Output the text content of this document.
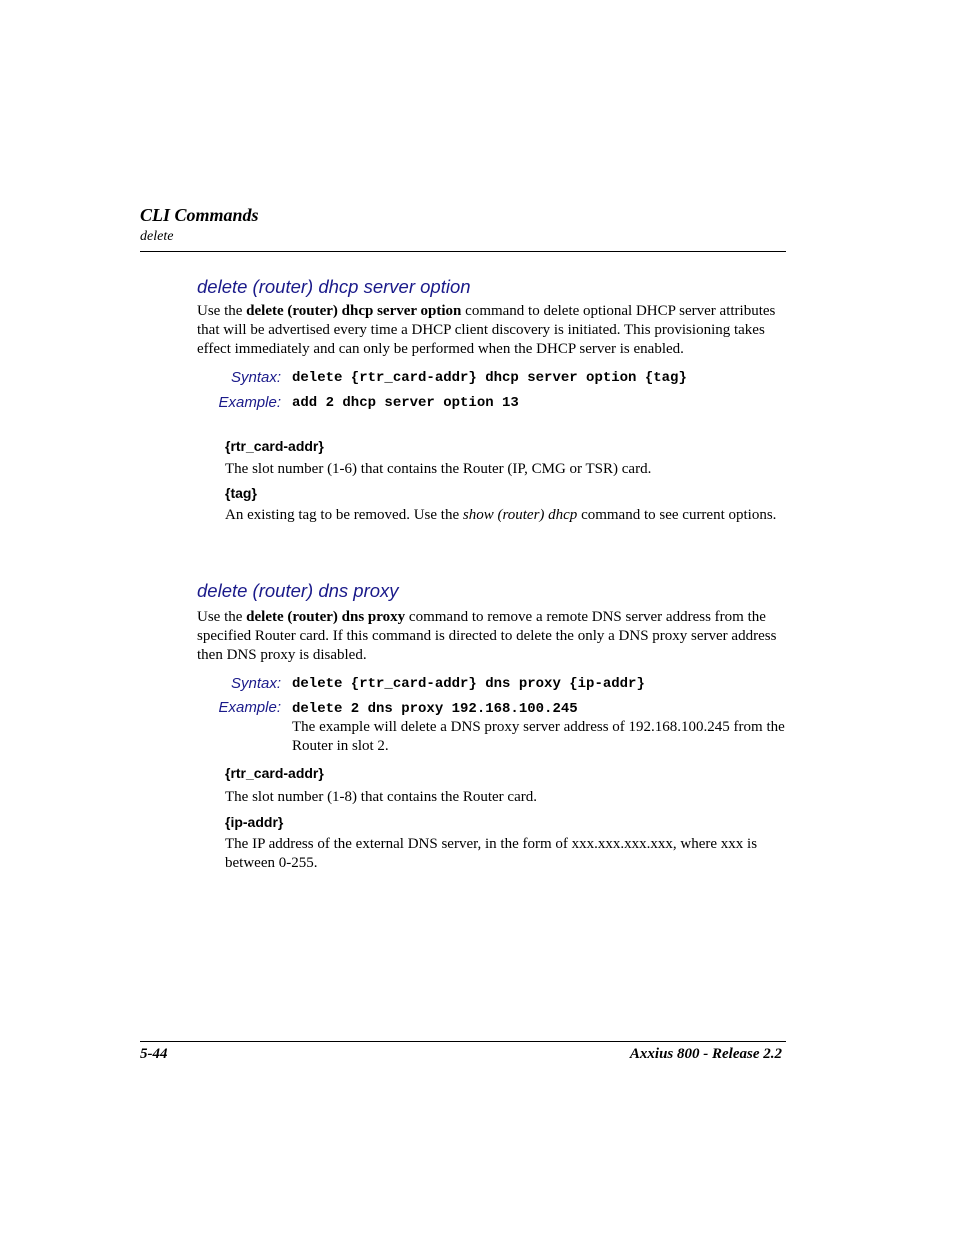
CLI Commands
delete
delete (router) dhcp server option
Use the delete (router) dhcp server option command to delete optional DHCP server attributes that will be advertised every time a DHCP client discovery is initiated. This provisioning takes effect immediately and can only be performed when the DHCP server is enabled.
Syntax: delete {rtr_card-addr} dhcp server option {tag}
Example: add 2 dhcp server option 13
{rtr_card-addr}
The slot number (1-6) that contains the Router (IP, CMG or TSR) card.
{tag}
An existing tag to be removed. Use the show (router) dhcp command to see current options.
delete (router) dns proxy
Use the delete (router) dns proxy command to remove a remote DNS server address from the specified Router card. If this command is directed to delete the only a DNS proxy server address then DNS proxy is disabled.
Syntax: delete {rtr_card-addr} dns proxy {ip-addr}
Example: delete 2 dns proxy 192.168.100.245
The example will delete a DNS proxy server address of 192.168.100.245 from the Router in slot 2.
{rtr_card-addr}
The slot number (1-8) that contains the Router card.
{ip-addr}
The IP address of the external DNS server, in the form of xxx.xxx.xxx.xxx, where xxx is between 0-255.
5-44	Axxius 800 - Release 2.2
